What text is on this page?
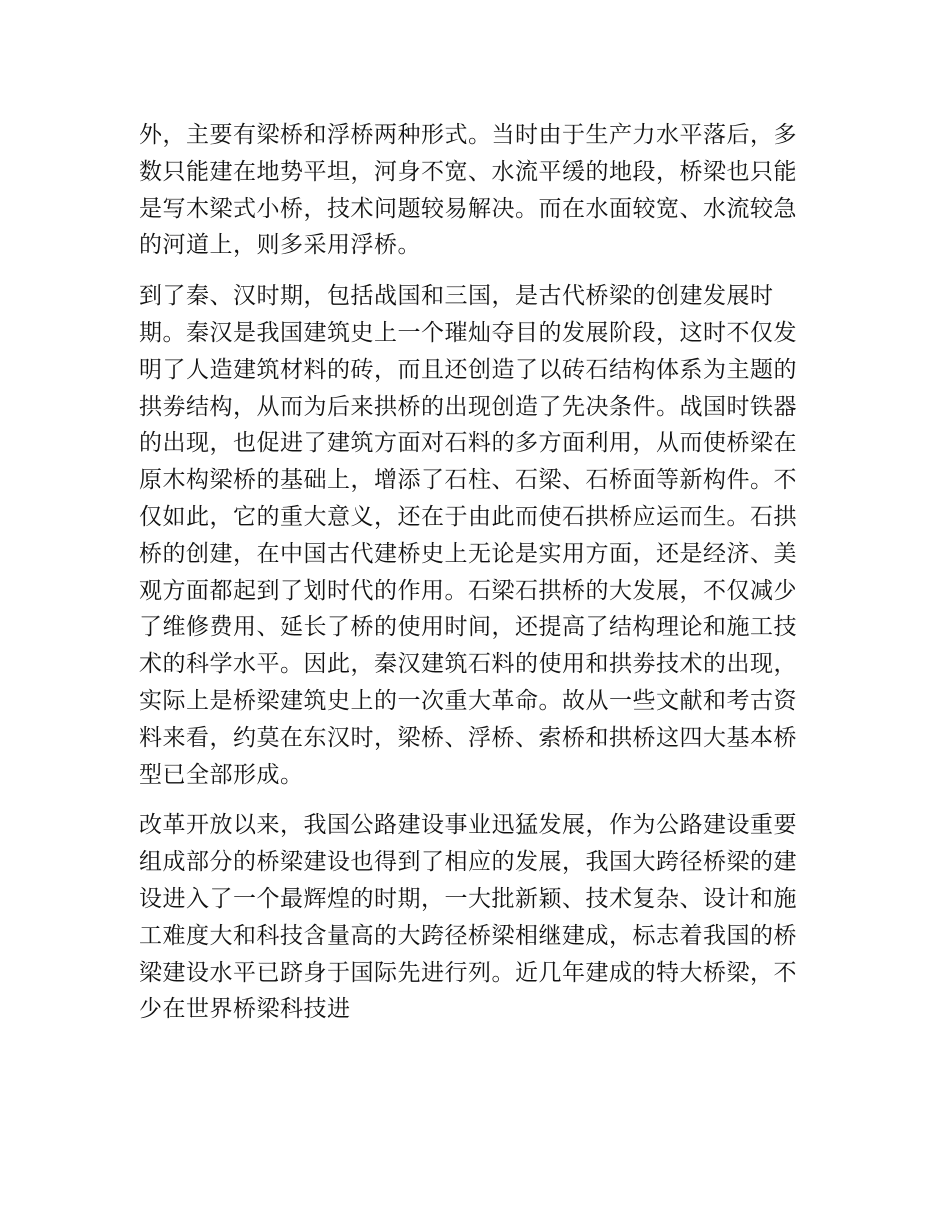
外，主要有梁桥和浮桥两种形式。当时由于生产力水平落后，多数只能建在地势平坦，河身不宽、水流平缓的地段，桥梁也只能是写木梁式小桥，技术问题较易解决。而在水面较宽、水流较急的河道上，则多采用浮桥。

到了秦、汉时期，包括战国和三国，是古代桥梁的创建发展时期。秦汉是我国建筑史上一个璀灿夺目的发展阶段，这时不仅发明了人造建筑材料的砖，而且还创造了以砖石结构体系为主题的拱劵结构，从而为后来拱桥的出现创造了先决条件。战国时铁器的出现，也促进了建筑方面对石料的多方面利用，从而使桥梁在原木构梁桥的基础上，增添了石柱、石梁、石桥面等新构件。不仅如此，它的重大意义，还在于由此而使石拱桥应运而生。石拱桥的创建，在中国古代建桥史上无论是实用方面，还是经济、美观方面都起到了划时代的作用。石梁石拱桥的大发展，不仅减少了维修费用、延长了桥的使用时间，还提高了结构理论和施工技术的科学水平。因此，秦汉建筑石料的使用和拱劵技术的出现，实际上是桥梁建筑史上的一次重大革命。故从一些文献和考古资料来看，约莫在东汉时，梁桥、浮桥、索桥和拱桥这四大基本桥型已全部形成。

改革开放以来，我国公路建设事业迅猛发展，作为公路建设重要组成部分的桥梁建设也得到了相应的发展，我国大跨径桥梁的建设进入了一个最辉煌的时期，一大批新颖、技术复杂、设计和施工难度大和科技含量高的大跨径桥梁相继建成，标志着我国的桥梁建设水平已跻身于国际先进行列。近几年建成的特大桥梁，不少在世界桥梁科技进
